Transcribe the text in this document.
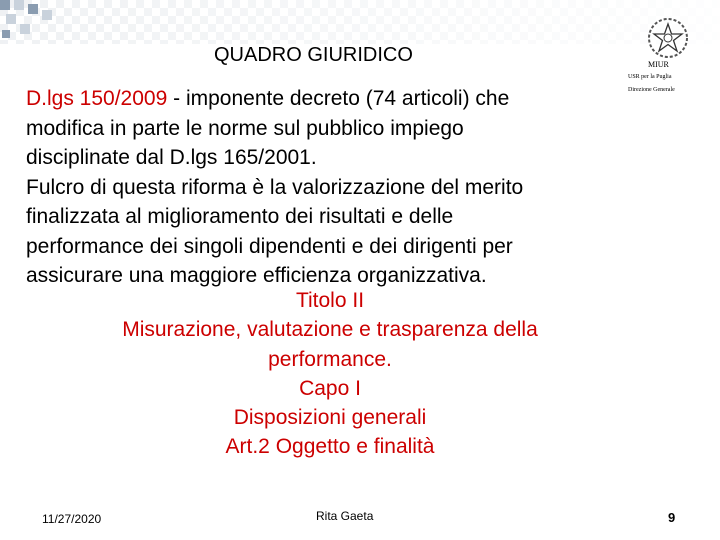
QUADRO GIURIDICO	MIUR
USR per la Puglia
Direzione Generale
D.lgs 150/2009 - imponente decreto (74 articoli) che
modifica in parte le norme sul pubblico impiego
disciplinate dal D.lgs 165/2001.
Fulcro di questa riforma è la valorizzazione del merito
finalizzata al miglioramento dei risultati e delle
performance dei singoli dipendenti e dei dirigenti per
assicurare una maggiore efficienza organizzativa.
Titolo II
Misurazione, valutazione e trasparenza della
performance.
Capo I
Disposizioni generali
Art.2 Oggetto e finalità
11/27/2020	Rita Gaeta	9
